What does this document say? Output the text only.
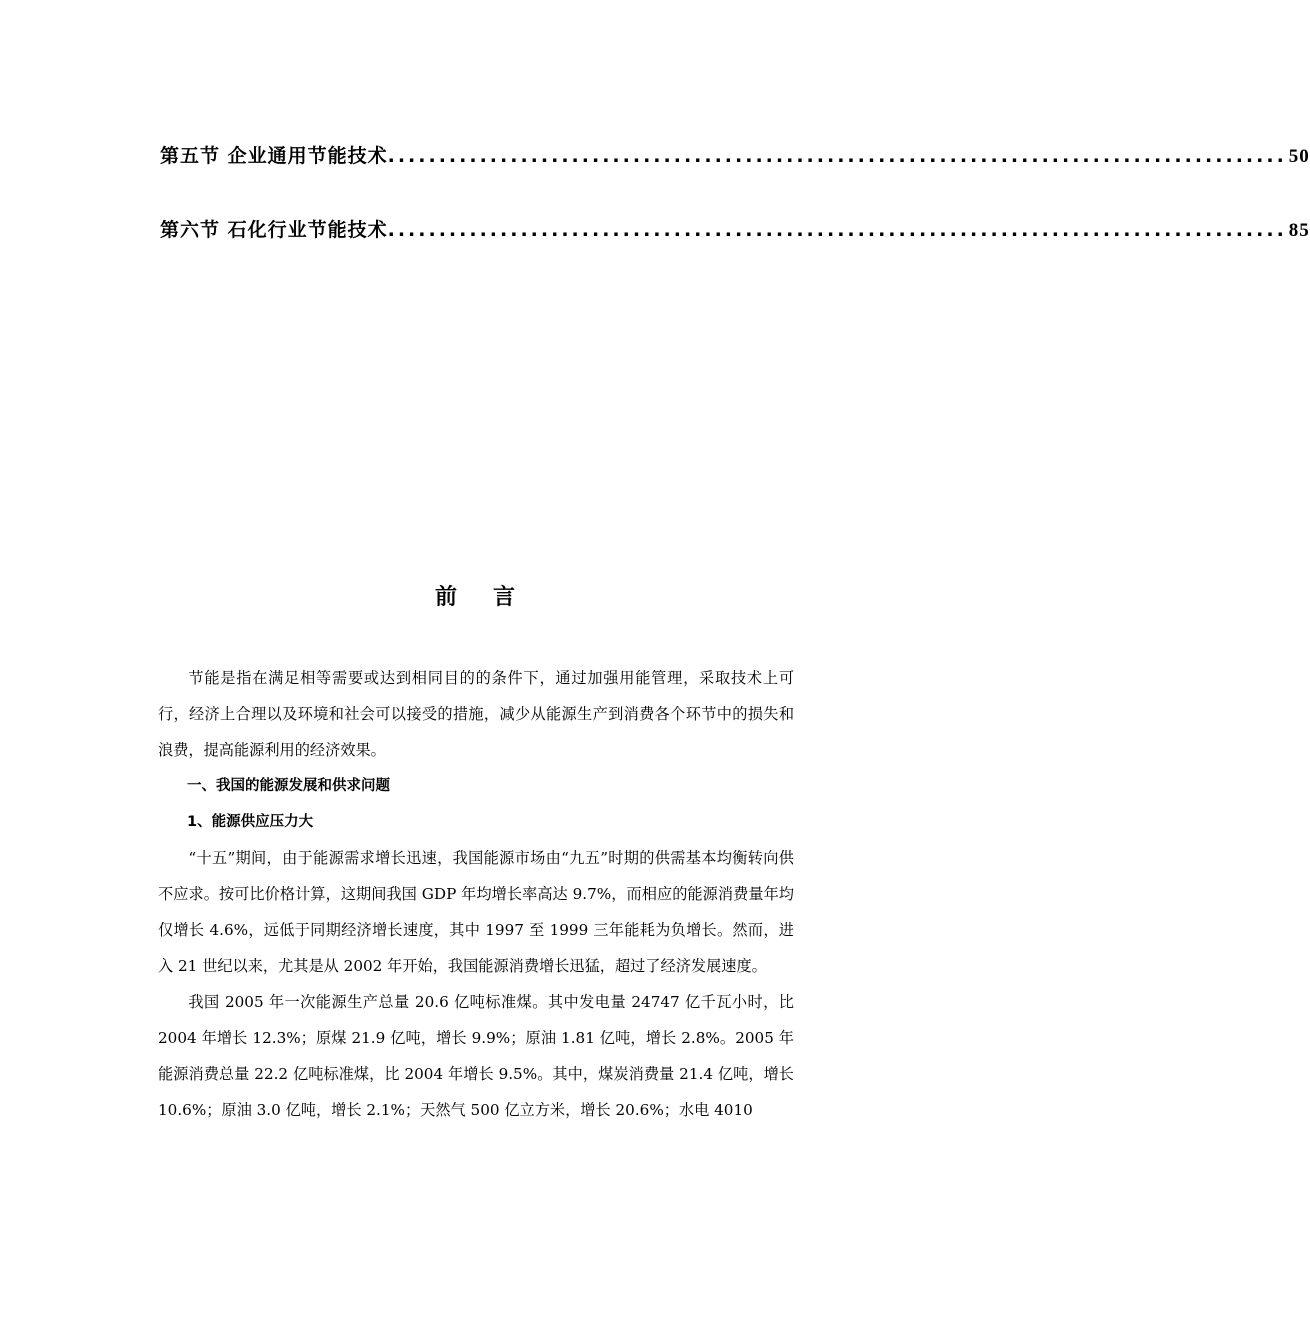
第五节 企业通用节能技术 ........................................................................................ 50
第六节 石化行业节能技术 ........................................................................................ 85
前言

节能是指在满足相等需要或达到相同目的的条件下，通过加强用能管理，采取技术上可行，经济上合理以及环境和社会可以接受的措施，减少从能源生产到消费各个环节中的损失和浪费，提高能源利用的经济效果。

一、我国的能源发展和供求问题

1、能源供应压力大

“十五”期间，由于能源需求增长迅速，我国能源市场由“九五”时期的供需基本均衡转向供不应求。按可比价格计算，这期间我国 GDP 年均增长率高达 9.7%，而相应的能源消费量年均仅增长 4.6%，远低于同期经济增长速度，其中 1997 至 1999 三年能耗为负增长。然而，进入 21 世纪以来，尤其是从 2002 年开始，我国能源消费增长迅猛，超过了经济发展速度。

我国 2005 年一次能源生产总量 20.6 亿吨标准煤。其中发电量 24747 亿千瓦小时，比 2004 年增长 12.3%；原煤 21.9 亿吨，增长 9.9%；原油 1.81 亿吨，增长 2.8%。2005 年能源消费总量 22.2 亿吨标准煤，比 2004 年增长 9.5%。其中，煤炭消费量 21.4 亿吨，增长 10.6%；原油 3.0 亿吨，增长 2.1%；天然气 500 亿立方米，增长 20.6%；水电 4010
